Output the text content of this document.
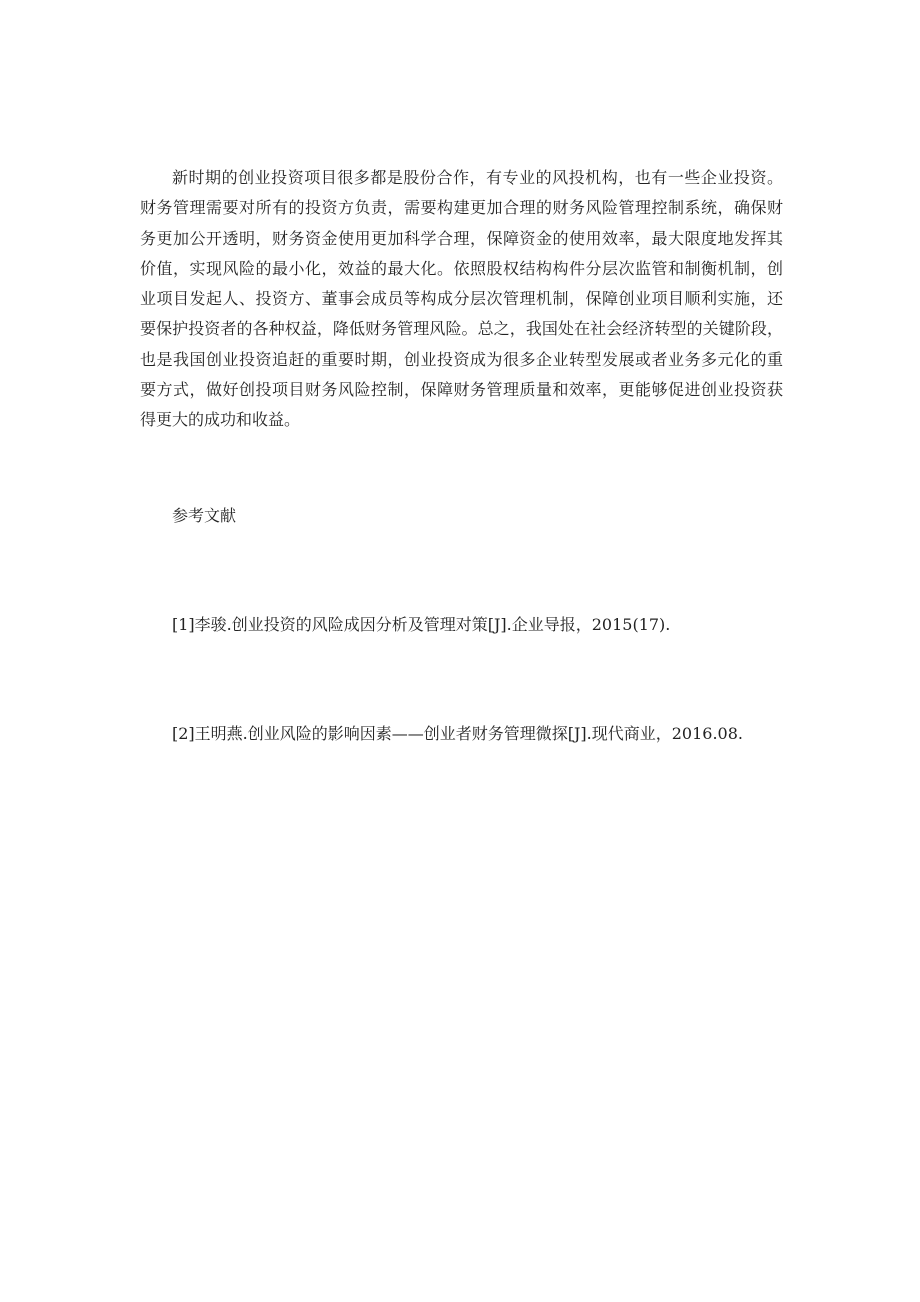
新时期的创业投资项目很多都是股份合作，有专业的风投机构，也有一些企业投资。
财务管理需要对所有的投资方负责，需要构建更加合理的财务风险管理控制系统，确保财
务更加公开透明，财务资金使用更加科学合理，保障资金的使用效率，最大限度地发挥其
价值，实现风险的最小化，效益的最大化。依照股权结构构件分层次监管和制衡机制，创
业项目发起人、投资方、董事会成员等构成分层次管理机制，保障创业项目顺利实施，还
要保护投资者的各种权益，降低财务管理风险。总之，我国处在社会经济转型的关键阶段，
也是我国创业投资追赶的重要时期，创业投资成为很多企业转型发展或者业务多元化的重
要方式，做好创投项目财务风险控制，保障财务管理质量和效率，更能够促进创业投资获
得更大的成功和收益。
参考文献
[1]李骏.创业投资的风险成因分析及管理对策[J].企业导报，2015(17).
[2]王明燕.创业风险的影响因素——创业者财务管理微探[J].现代商业，2016.08.
